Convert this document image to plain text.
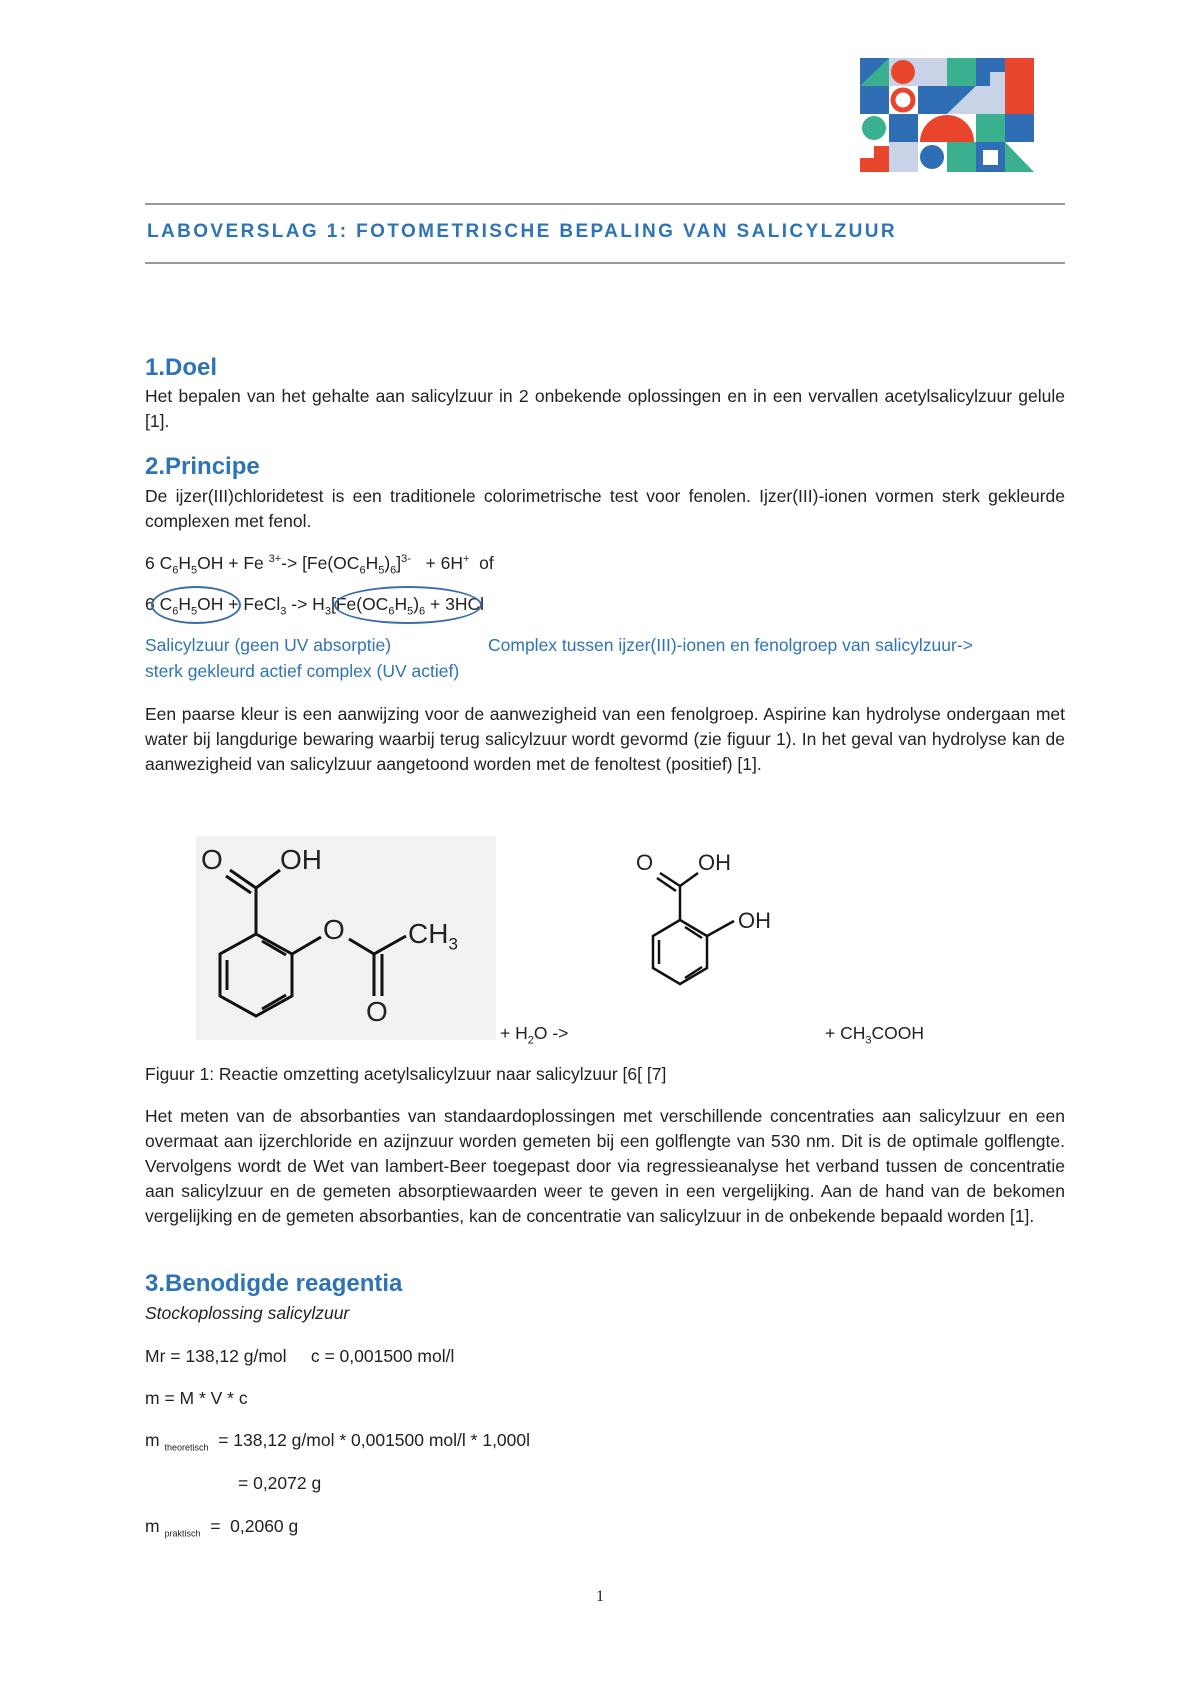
LABOVERSLAG 1: FOTOMETRISCHE BEPALING VAN SALICYLZUUR
1.Doel

Het bepalen van het gehalte aan salicylzuur in 2 onbekende oplossingen en in een vervallen acetylsalicylzuur gelule [1].

2.Principe

De ijzer(III)chloridetest is een traditionele colorimetrische test voor fenolen. Ijzer(III)-ionen vormen sterk gekleurde complexen met fenol.

6 $C_6H_5OH + Fe$ $^{3+}-> [Fe(OC_6H_5)_6]^{3-} + 6H^+$  of

6 $C_6H_5OH$ + FeCl$_3$ -> $H_3[Fe(OC_6H_5)_6 + 3HCl$

Salicylzuur (geen UV absorptie)	Complex tussen ijzer(III)-ionen en fenolgroep van salicylzuur->

sterk gekleurd actief complex (UV actief)

Een paarse kleur is een aanwijzing voor de aanwezigheid van een fenolgroep. Aspirine kan hydrolyse ondergaan met water bij langdurige bewaring waarbij terug salicylzuur wordt gevormd (zie figuur 1). In het geval van hydrolyse kan de aanwezigheid van salicylzuur aangetoond worden met de fenoltest (positief) [1].

O OH
O $CH_3$
O

+ $H_2O$ ->

O OH
OH

+ $CH_3COOH$

Figuur 1: Reactie omzetting acetylsalicylzuur naar salicylzuur [6[ [7]

Het meten van de absorbanties van standaardoplossingen met verschillende concentraties aan salicylzuur en een overmaat aan ijzerchloride en azijnzuur worden gemeten bij een golflengte van 530 nm. Dit is de optimale golflengte. Vervolgens wordt de Wet van lambert-Beer toegepast door via regressieanalyse het verband tussen de concentratie aan salicylzuur en de gemeten absorptiewaarden weer te geven in een vergelijking. Aan de hand van de bekomen vergelijking en de gemeten absorbanties, kan de concentratie van salicylzuur in de onbekende bepaald worden [1].

3.Benodigde reagentia

Stockoplossing salicylzuur

Mr = 138,12 g/mol     c = 0,001500 mol/l

m = M * V * c

m $_{theoretisch}$  = 138,12 g/mol * 0,001500 mol/l * 1,000l

= 0,2072 g

m $_{praktisch}$  =  0,2060 g

1
